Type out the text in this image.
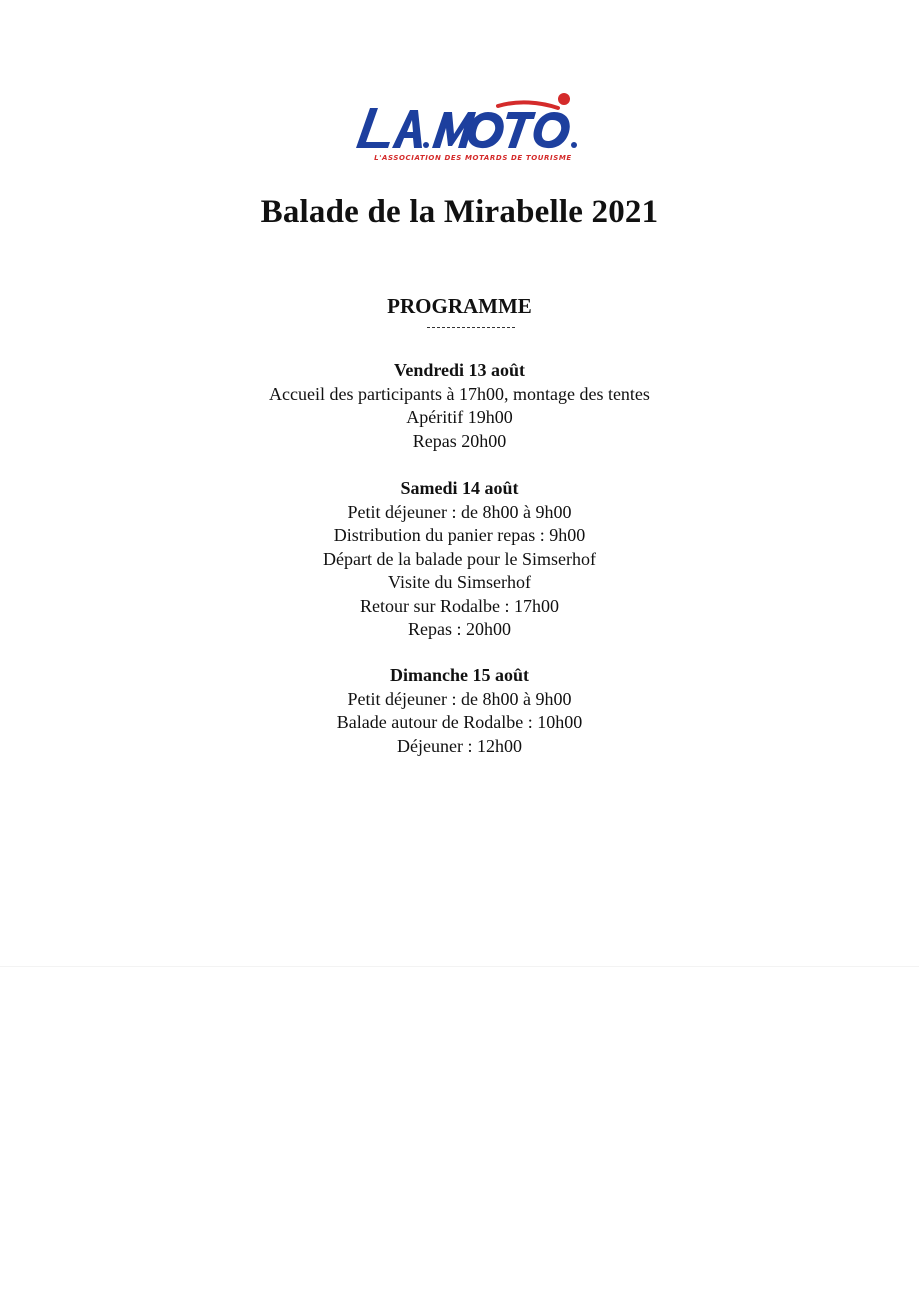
L'ASSOCIATION DES MOTARDS DE TOURISME
Balade de la Mirabelle 2021
PROGRAMME
Vendredi 13 août
Accueil des participants à 17h00, montage des tentes
Apéritif 19h00
Repas 20h00
Samedi 14 août
Petit déjeuner : de 8h00 à 9h00
Distribution du panier repas : 9h00
Départ de la balade pour le Simserhof
Visite du Simserhof
Retour sur Rodalbe : 17h00
Repas : 20h00
Dimanche 15 août
Petit déjeuner : de 8h00 à 9h00
Balade autour de Rodalbe : 10h00
Déjeuner : 12h00
